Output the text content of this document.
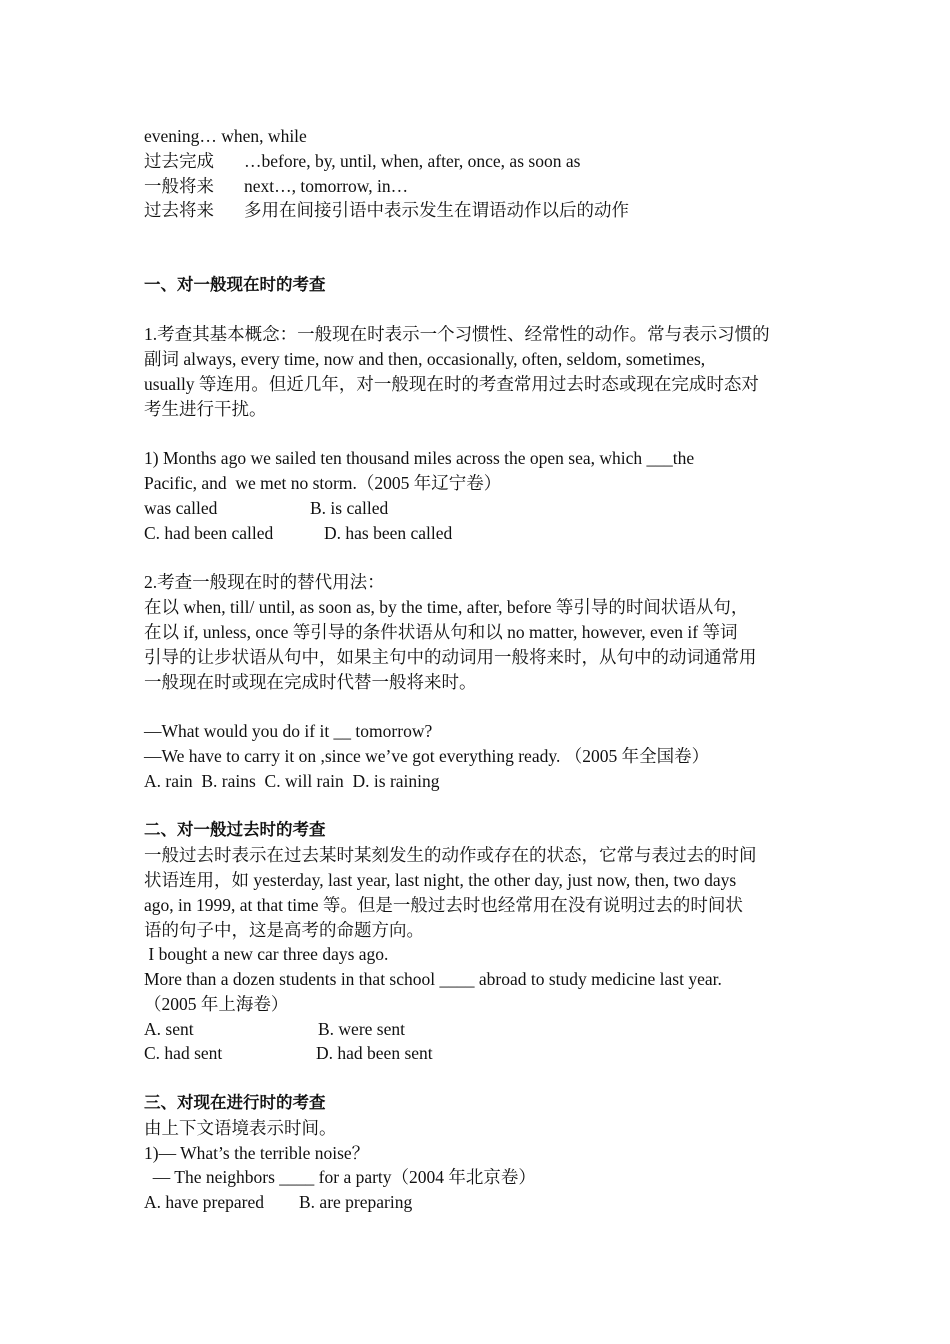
evening… when, while
过去完成 …before, by, until, when, after, once, as soon as
一般将来 next…, tomorrow, in…
过去将来 多用在间接引语中表示发生在谓语动作以后的动作
一、对一般现在时的考查
1.考查其基本概念：一般现在时表示一个习惯性、经常性的动作。常与表示习惯的
副词 always, every time, now and then, occasionally, often, seldom, sometimes,
usually 等连用。但近几年，对一般现在时的考查常用过去时态或现在完成时态对
考生进行干扰。
1) Months ago we sailed ten thousand miles across the open sea, which ___the
Pacific, and  we met no storm.（2005 年辽宁卷）
was called	B. is called
C. had been called	D. has been called
2.考查一般现在时的替代用法：
在以 when, till/ until, as soon as, by the time, after, before 等引导的时间状语从句，
在以 if, unless, once 等引导的条件状语从句和以 no matter, however, even if 等词
引导的让步状语从句中，如果主句中的动词用一般将来时，从句中的动词通常用
一般现在时或现在完成时代替一般将来时。
—What would you do if it __ tomorrow?
—We have to carry it on ,since we’ve got everything ready. （2005 年全国卷）
A. rain  B. rains  C. will rain  D. is raining
二、对一般过去时的考查
一般过去时表示在过去某时某刻发生的动作或存在的状态，它常与表过去的时间
状语连用，如 yesterday, last year, last night, the other day, just now, then, two days
ago, in 1999, at that time 等。但是一般过去时也经常用在没有说明过去的时间状
语的句子中，这是高考的命题方向。
I bought a new car three days ago.
More than a dozen students in that school ____ abroad to study medicine last year.
（2005 年上海卷）
A. sent	B. were sent
C. had sent	D. had been sent
三、对现在进行时的考查
由上下文语境表示时间。
1)— What’s the terrible noise？
— The neighbors ____ for a party（2004 年北京卷）
A. have prepared B. are preparing
